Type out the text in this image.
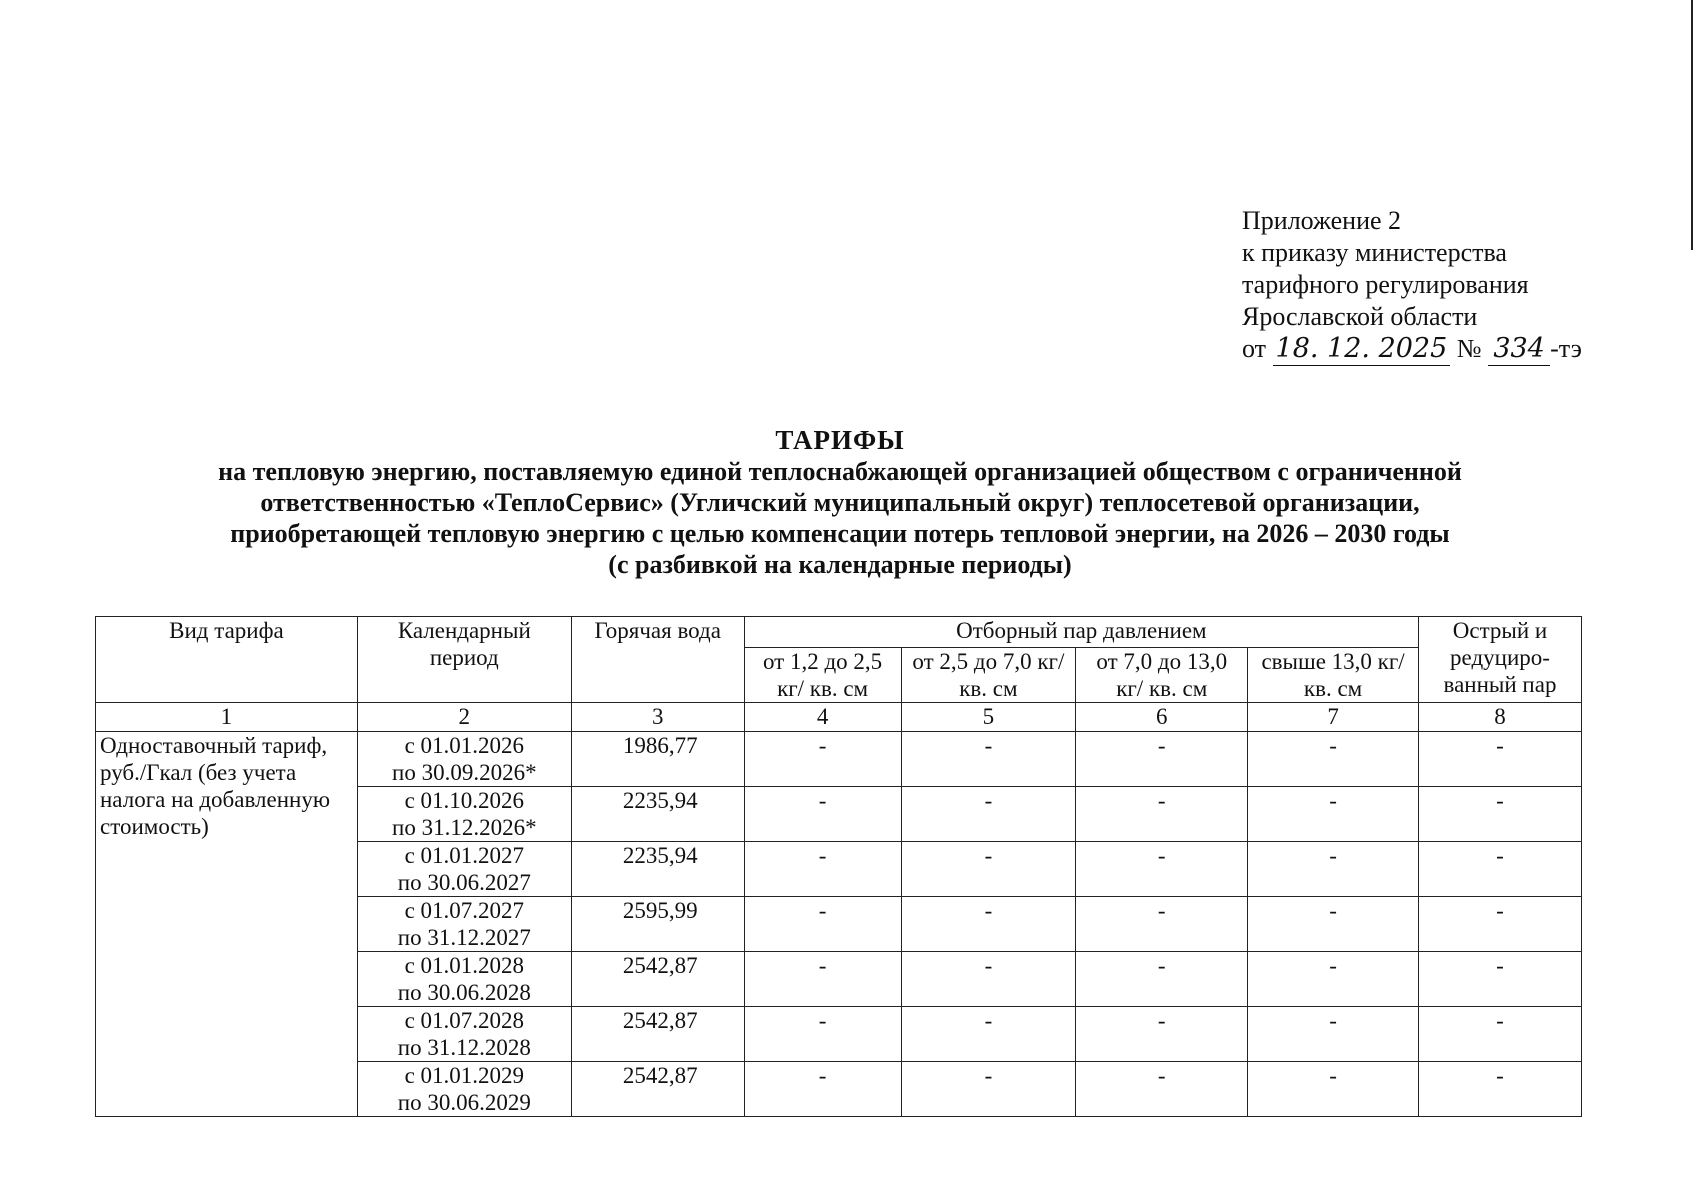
Приложение 2
к приказу министерства
тарифного регулирования
Ярославской области
от 18. 12. 2025 № 334 -тэ
ТАРИФЫ
на тепловую энергию, поставляемую единой теплоснабжающей организацией обществом с ограниченной
ответственностью «ТеплоСервис» (Угличский муниципальный округ) теплосетевой организации,
приобретающей тепловую энергию с целью компенсации потерь тепловой энергии, на 2026 – 2030 годы
(с разбивкой на календарные периоды)
Вид тарифа	Календарный период	Горячая вода	Отборный пар давлением				Острый и редуциро-ванный пар
			от 1,2 до 2,5 кг/ кв. см	от 2,5 до 7,0 кг/ кв. см	от 7,0 до 13,0 кг/ кв. см	свыше 13,0 кг/ кв. см	
1	2	3	4	5	6	7	8
Одноставочный тариф, руб./Гкал (без учета налога на добавленную стоимость)	с 01.01.2026
по 30.09.2026*	1986,77	-	-	-	-	-

	с 01.10.2026
по 31.12.2026*	2235,94	-	-	-	-	-

	с 01.01.2027
по 30.06.2027	2235,94	-	-	-	-	-

	с 01.07.2027
по 31.12.2027	2595,99	-	-	-	-	-

	с 01.01.2028
по 30.06.2028	2542,87	-	-	-	-	-

	с 01.07.2028
по 31.12.2028	2542,87	-	-	-	-	-

	с 01.01.2029
по 30.06.2029	2542,87	-	-	-	-	-
